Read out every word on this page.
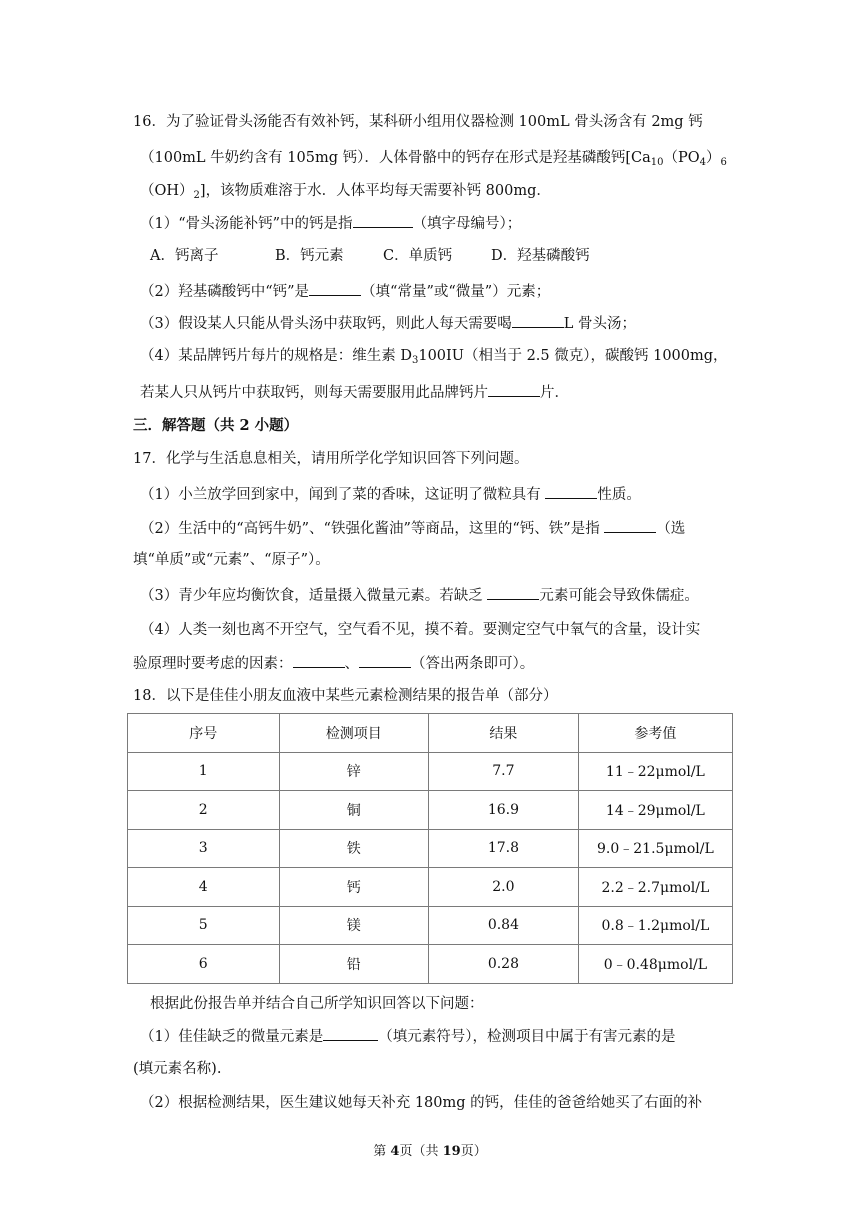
16．为了验证骨头汤能否有效补钙，某科研小组用仪器检测 100mL 骨头汤含有 2mg 钙
（100mL 牛奶约含有 105mg 钙）．人体骨骼中的钙存在形式是羟基磷酸钙[$Ca_{10}(PO_4)_6$
$(OH)_2$]，该物质难溶于水．人体平均每天需要补钙 800mg．
（1）“骨头汤能补钙”中的钙是指	（填字母编号）；
A．钙离子	B．钙元素	C．单质钙	D．羟基磷酸钙
（2）羟基磷酸钙中“钙”是	（填“常量”或“微量”）元素；
（3）假设某人只能从骨头汤中获取钙，则此人每天需要喝	L 骨头汤；
（4）某品牌钙片每片的规格是：维生素 $D_3100IU$（相当于 2.5 微克），碳酸钙 1000mg，
若某人只从钙片中获取钙，则每天需要服用此品牌钙片	片．
三．解答题（共 2 小题）
17．化学与生活息息相关，请用所学化学知识回答下列问题。
（1）小兰放学回到家中，闻到了菜的香味，这证明了微粒具有	性质。
（2）生活中的“高钙牛奶”、“铁强化酱油”等商品，这里的“钙、铁”是指	（选
填“单质”或“元素”、“原子”）。
（3）青少年应均衡饮食，适量摄入微量元素。若缺乏	元素可能会导致侏儒症。
（4）人类一刻也离不开空气，空气看不见，摸不着。要测定空气中氧气的含量，设计实
验原理时要考虑的因素：	、	（答出两条即可）。
18．以下是佳佳小朋友血液中某些元素检测结果的报告单（部分）
序号	检测项目	结果	参考值
1	锌	7.7	11﹣22μmol/L
2	铜	16.9	14﹣29μmol/L
3	铁	17.8	9.0﹣21.5μmol/L
4	钙	2.0	2.2﹣2.7μmol/L
5	镁	0.84	0.8﹣1.2μmol/L
6	铅	0.28	0﹣0.48μmol/L
根据此份报告单并结合自己所学知识回答以下问题：
（1）佳佳缺乏的微量元素是	（填元素符号），检测项目中属于有害元素的是
(填元素名称).
（2）根据检测结果，医生建议她每天补充 180mg 的钙，佳佳的爸爸给她买了右面的补
第 4页（共 19页）
